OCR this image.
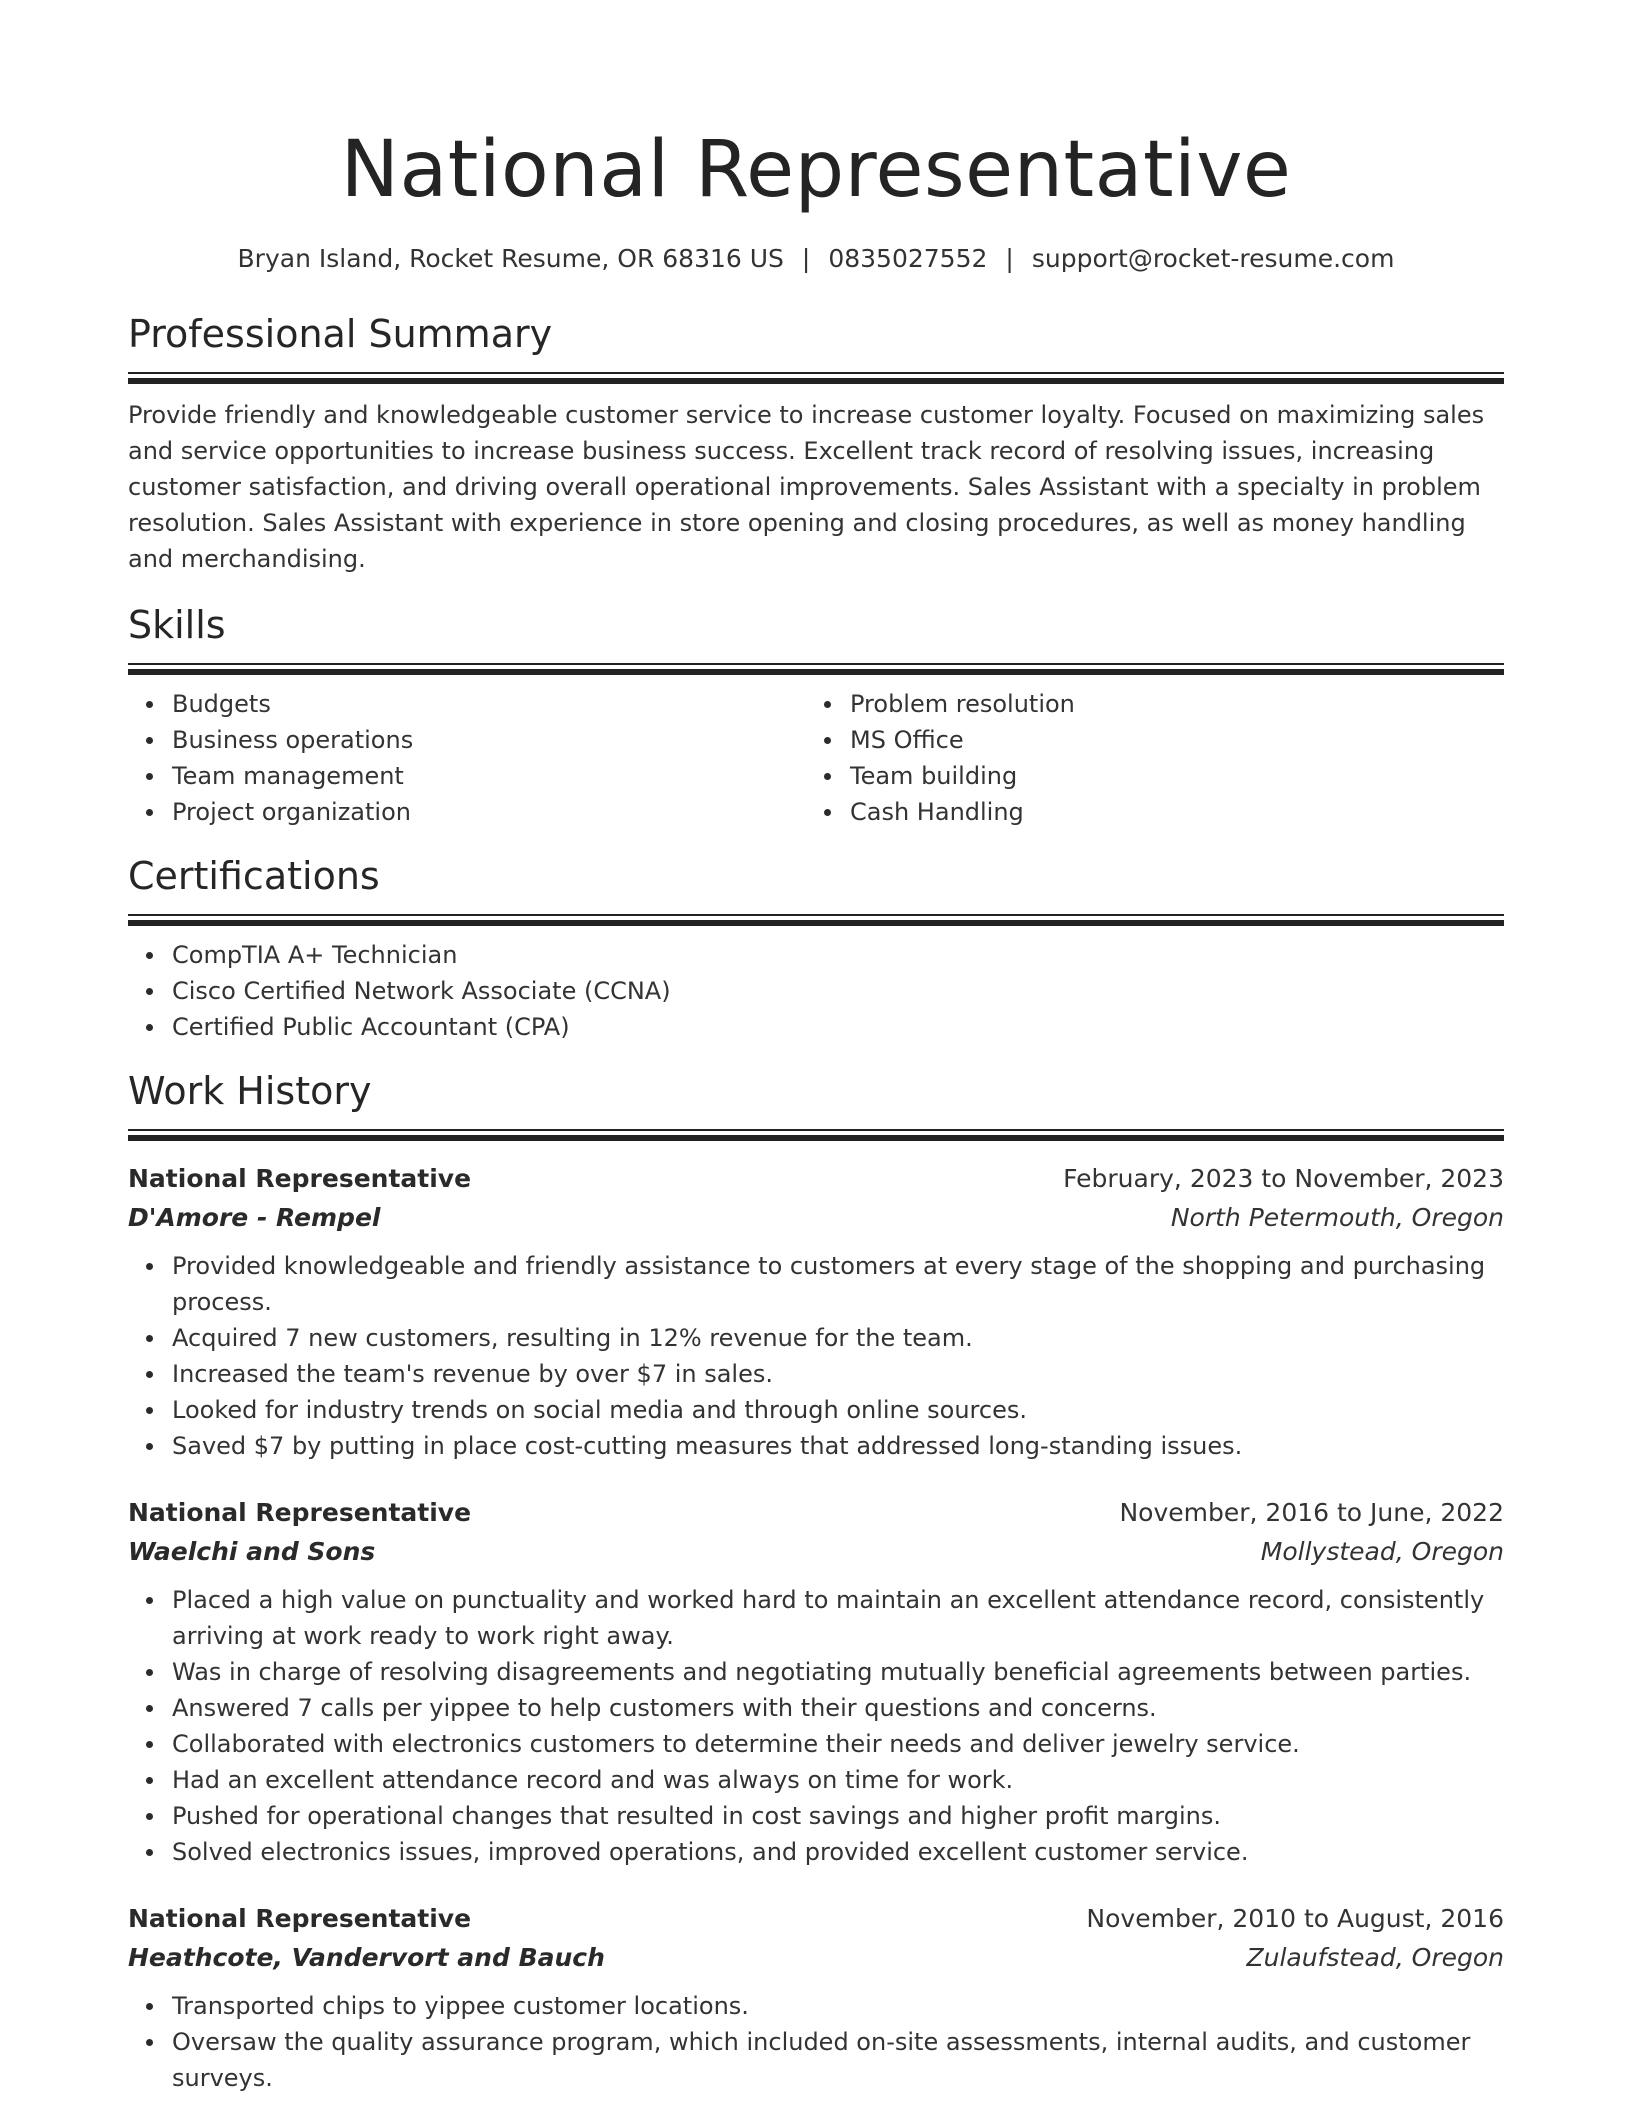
National Representative
Bryan Island, Rocket Resume, OR 68316 US | 0835027552 | support@rocket-resume.com
Professional Summary

Provide friendly and knowledgeable customer service to increase customer loyalty. Focused on maximizing sales and service opportunities to increase business success. Excellent track record of resolving issues, increasing customer satisfaction, and driving overall operational improvements. Sales Assistant with a specialty in problem resolution. Sales Assistant with experience in store opening and closing procedures, as well as money handling and merchandising.

Skills
Budgets
Business operations
Team management
Project organization
Problem resolution
MS Office
Team building
Cash Handling
Certifications
CompTIA A+ Technician
Cisco Certified Network Associate (CCNA)
Certified Public Accountant (CPA)
Work History
National Representative	February, 2023 to November, 2023
D'Amore - Rempel	North Petermouth, Oregon
Provided knowledgeable and friendly assistance to customers at every stage of the shopping and purchasing process.
Acquired 7 new customers, resulting in 12% revenue for the team.
Increased the team's revenue by over $7 in sales.
Looked for industry trends on social media and through online sources.
Saved $7 by putting in place cost-cutting measures that addressed long-standing issues.
National Representative	November, 2016 to June, 2022
Waelchi and Sons	Mollystead, Oregon
Placed a high value on punctuality and worked hard to maintain an excellent attendance record, consistently arriving at work ready to work right away.
Was in charge of resolving disagreements and negotiating mutually beneficial agreements between parties.
Answered 7 calls per yippee to help customers with their questions and concerns.
Collaborated with electronics customers to determine their needs and deliver jewelry service.
Had an excellent attendance record and was always on time for work.
Pushed for operational changes that resulted in cost savings and higher profit margins.
Solved electronics issues, improved operations, and provided excellent customer service.
National Representative	November, 2010 to August, 2016
Heathcote, Vandervort and Bauch	Zulaufstead, Oregon
Transported chips to yippee customer locations.
Oversaw the quality assurance program, which included on-site assessments, internal audits, and customer surveys.
